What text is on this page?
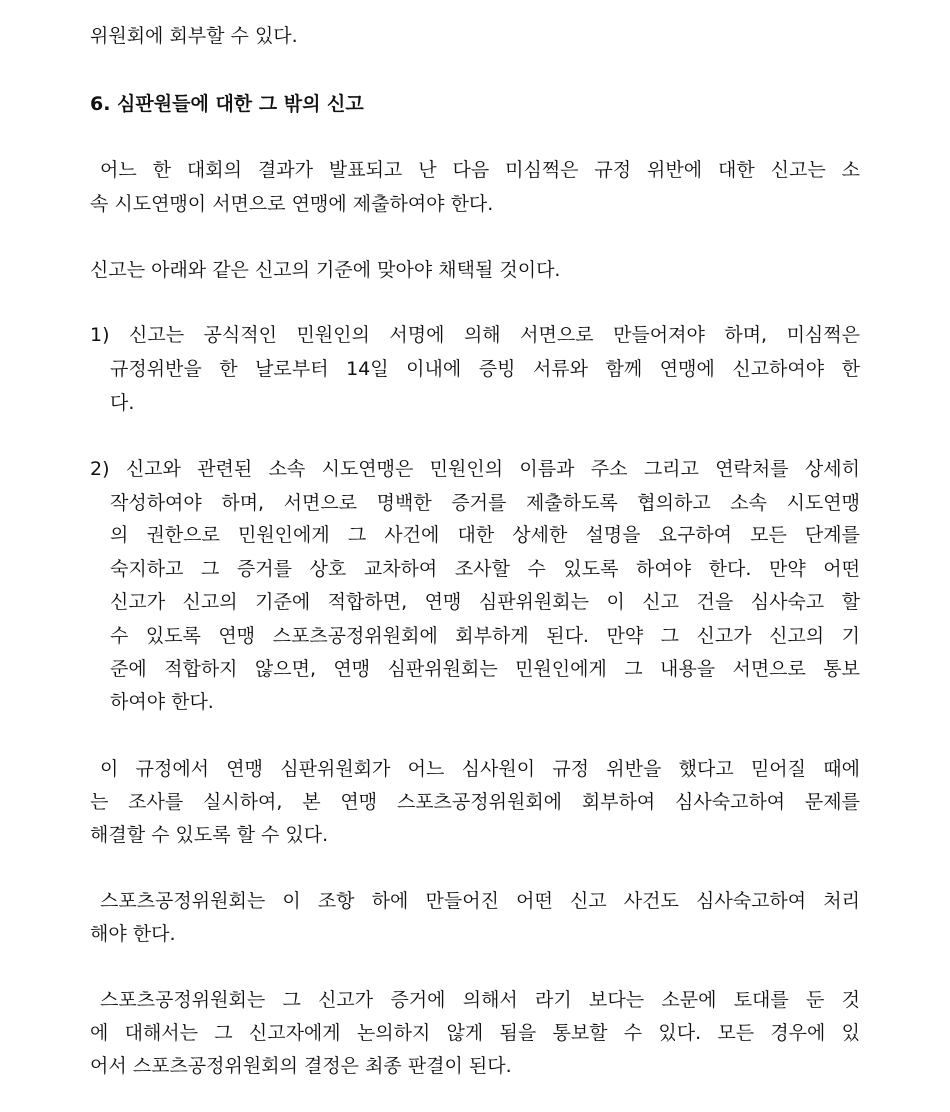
위원회에 회부할 수 있다.
6. 심판원들에 대한 그 밖의 신고
어느 한 대회의 결과가 발표되고 난 다음 미심쩍은 규정 위반에 대한 신고는 소
속 시도연맹이 서면으로 연맹에 제출하여야 한다.
신고는 아래와 같은 신고의 기준에 맞아야 채택될 것이다.
1) 신고는 공식적인 민원인의 서명에 의해 서면으로 만들어져야 하며, 미심쩍은
규정위반을 한 날로부터 14일 이내에 증빙 서류와 함께 연맹에 신고하여야 한
다.
2) 신고와 관련된 소속 시도연맹은 민원인의 이름과 주소 그리고 연락처를 상세히
작성하여야 하며, 서면으로 명백한 증거를 제출하도록 협의하고 소속 시도연맹
의 권한으로 민원인에게 그 사건에 대한 상세한 설명을 요구하여 모든 단계를
숙지하고 그 증거를 상호 교차하여 조사할 수 있도록 하여야 한다. 만약 어떤
신고가 신고의 기준에 적합하면, 연맹 심판위원회는 이 신고 건을 심사숙고 할
수 있도록 연맹 스포츠공정위원회에 회부하게 된다. 만약 그 신고가 신고의 기
준에 적합하지 않으면, 연맹 심판위원회는 민원인에게 그 내용을 서면으로 통보
하여야 한다.
이 규정에서 연맹 심판위원회가 어느 심사원이 규정 위반을 했다고 믿어질 때에
는 조사를 실시하여, 본 연맹 스포츠공정위원회에 회부하여 심사숙고하여 문제를
해결할 수 있도록 할 수 있다.
스포츠공정위원회는 이 조항 하에 만들어진 어떤 신고 사건도 심사숙고하여 처리
해야 한다.
스포츠공정위원회는 그 신고가 증거에 의해서 라기 보다는 소문에 토대를 둔 것
에 대해서는 그 신고자에게 논의하지 않게 됨을 통보할 수 있다. 모든 경우에 있
어서 스포츠공정위원회의 결정은 최종 판결이 된다.
